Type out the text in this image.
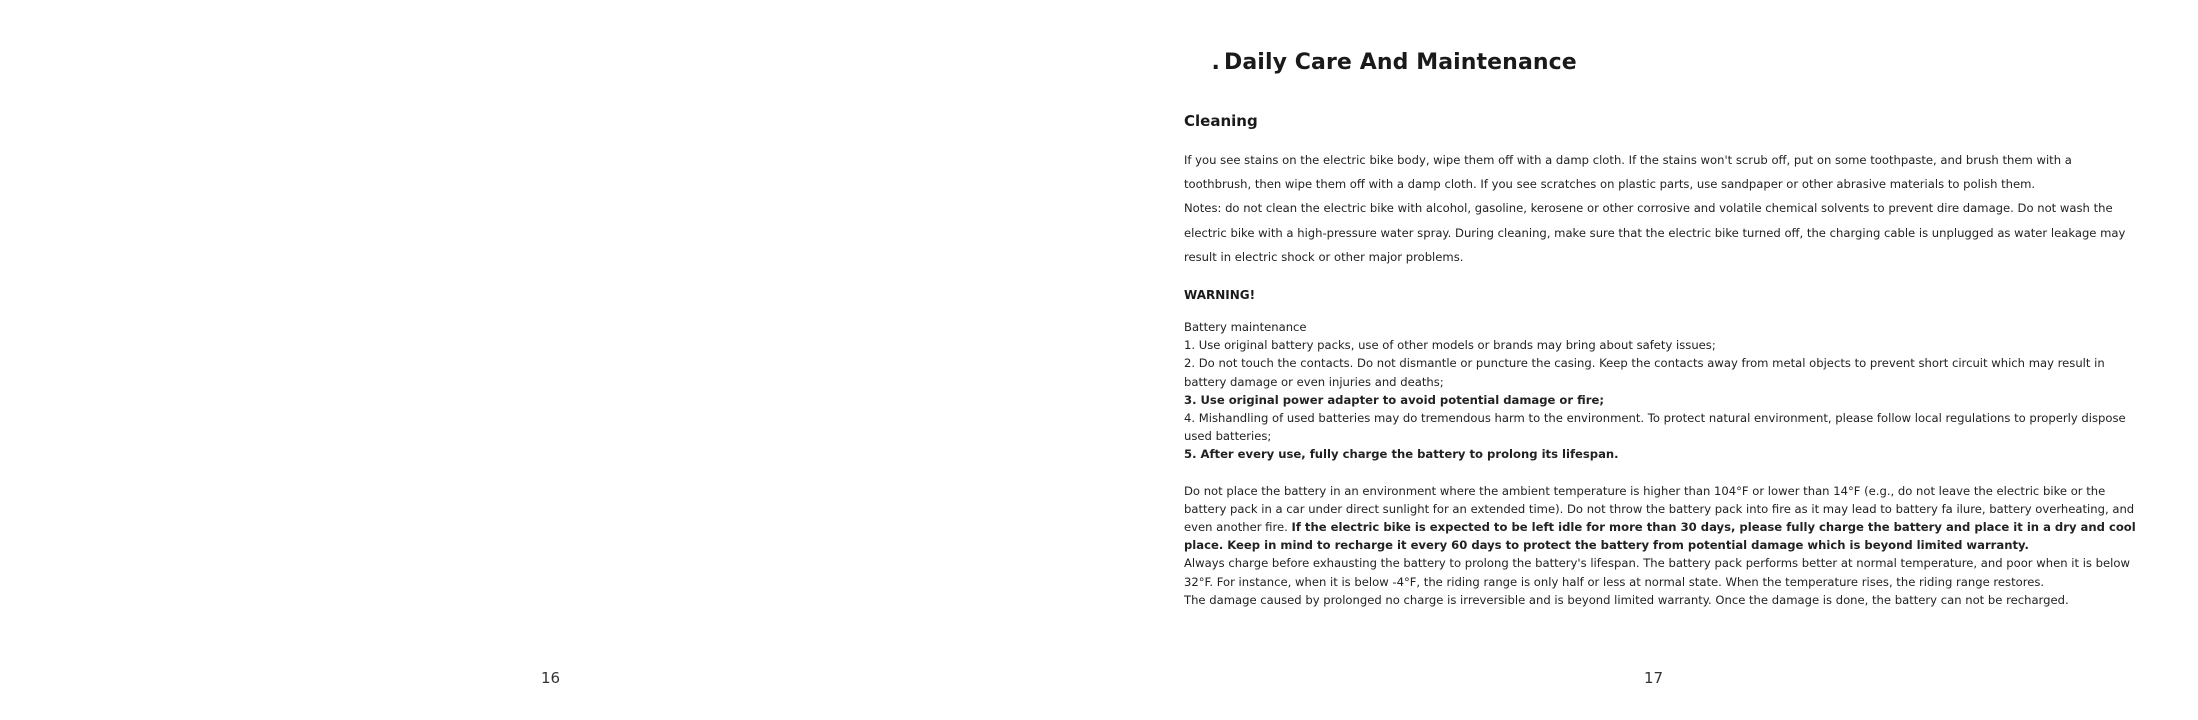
16
. Daily Care And Maintenance
Cleaning

If you see stains on the electric bike body, wipe them off with a damp cloth. If the stains won't scrub off, put on some toothpaste, and brush them with a toothbrush, then wipe them off with a damp cloth. If you see scratches on plastic parts, use sandpaper or other abrasive materials to polish them.

Notes: do not clean the electric bike with alcohol, gasoline, kerosene or other corrosive and volatile chemical solvents to prevent dire damage. Do not wash the electric bike with a high-pressure water spray. During cleaning, make sure that the electric bike turned off, the charging cable is unplugged as water leakage may result in electric shock or other major problems.

WARNING!

Battery maintenance

1. Use original battery packs, use of other models or brands may bring about safety issues;
2. Do not touch the contacts. Do not dismantle or puncture the casing. Keep the contacts away from metal objects to prevent short circuit which may result in battery damage or even injuries and deaths;
3. Use original power adapter to avoid potential damage or fire;
4. Mishandling of used batteries may do tremendous harm to the environment. To protect natural environment, please follow local regulations to properly dispose used batteries;
5. After every use, fully charge the battery to prolong its lifespan.

Do not place the battery in an environment where the ambient temperature is higher than 104°F or lower than 14°F (e.g., do not leave the electric bike or the battery pack in a car under direct sunlight for an extended time). Do not throw the battery pack into fire as it may lead to battery fa ilure, battery overheating, and even another fire. If the electric bike is expected to be left idle for more than 30 days, please fully charge the battery and place it in a dry and cool place. Keep in mind to recharge it every 60 days to protect the battery from potential damage which is beyond limited warranty.

Always charge before exhausting the battery to prolong the battery's lifespan. The battery pack performs better at normal temperature, and poor when it is below 32°F. For instance, when it is below -4°F, the riding range is only half or less at normal state. When the temperature rises, the riding range restores.

The damage caused by prolonged no charge is irreversible and is beyond limited warranty. Once the damage is done, the battery can not be recharged.

17
